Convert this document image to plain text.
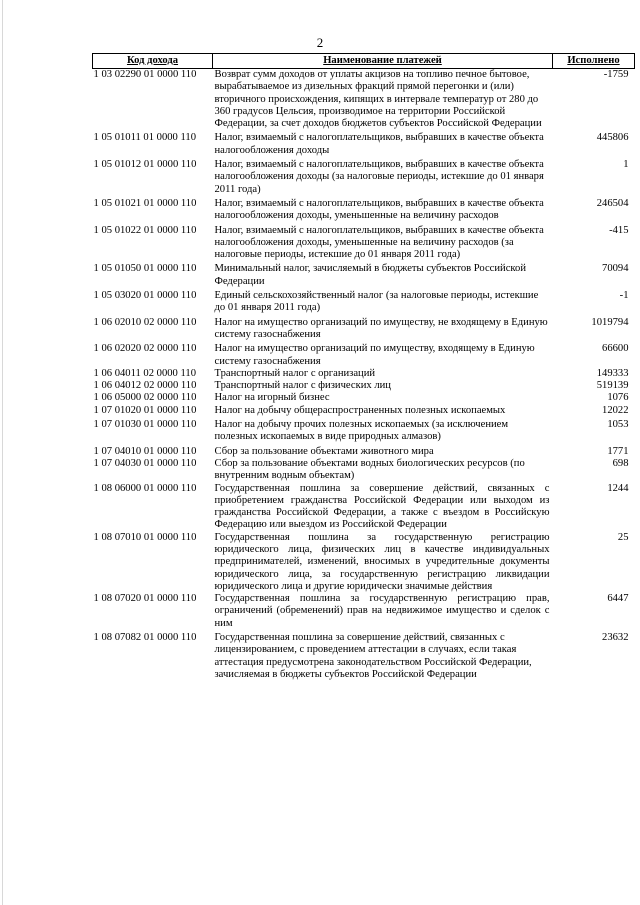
2
Код дохода	Наименование платежей	Исполнено
1 03 02290 01 0000 110	Возврат сумм доходов от уплаты акцизов на топливо печное бытовое, вырабатываемое из дизельных фракций прямой перегонки и (или) вторичного происхождения, кипящих в интервале температур от 280 до 360 градусов Цельсия, производимое на территории Российской Федерации, за счет доходов бюджетов субъектов Российской Федерации	-1759
1 05 01011 01 0000 110	Налог, взимаемый с налогоплательщиков, выбравших в качестве объекта налогообложения доходы	445806
1 05 01012 01 0000 110	Налог, взимаемый с налогоплательщиков, выбравших в качестве объекта налогообложения доходы (за налоговые периоды, истекшие до 01 января 2011 года)	1
1 05 01021 01 0000 110	Налог, взимаемый с налогоплательщиков, выбравших в качестве объекта налогообложения доходы, уменьшенные на величину расходов	246504
1 05 01022 01 0000 110	Налог, взимаемый с налогоплательщиков, выбравших в качестве объекта налогообложения доходы, уменьшенные на величину расходов (за налоговые периоды, истекшие до 01 января 2011 года)	-415
1 05 01050 01 0000 110	Минимальный налог, зачисляемый в бюджеты субъектов Российской Федерации	70094
1 05 03020 01 0000 110	Единый сельскохозяйственный налог (за налоговые периоды, истекшие до 01 января 2011 года)	-1
1 06 02010 02 0000 110	Налог на имущество организаций по имуществу, не входящему в Единую систему газоснабжения	1019794
1 06 02020 02 0000 110	Налог на имущество организаций по имуществу, входящему в Единую систему газоснабжения	66600
1 06 04011 02 0000 110	Транспортный налог с организаций	149333
1 06 04012 02 0000 110	Транспортный налог с физических лиц	519139
1 06 05000 02 0000 110	Налог на игорный бизнес	1076
1 07 01020 01 0000 110	Налог на добычу общераспространенных полезных ископаемых	12022
1 07 01030 01 0000 110	Налог на добычу прочих полезных ископаемых (за исключением полезных ископаемых в виде природных алмазов)	1053
1 07 04010 01 0000 110	Сбор за пользование объектами животного мира	1771
1 07 04030 01 0000 110	Сбор за пользование объектами водных биологических ресурсов (по внутренним водным объектам)	698
1 08 06000 01 0000 110	Государственная пошлина за совершение действий, связанных с приобретением гражданства Российской Федерации или выходом из гражданства Российской Федерации, а также с въездом в Российскую Федерацию или выездом из Российской Федерации	1244
1 08 07010 01 0000 110	Государственная пошлина за государственную регистрацию юридического лица, физических лиц в качестве индивидуальных предпринимателей, изменений, вносимых в учредительные документы юридического лица, за государственную регистрацию ликвидации юридического лица и другие юридически значимые действия	25
1 08 07020 01 0000 110	Государственная пошлина за государственную регистрацию прав, ограничений (обременений) прав на недвижимое имущество и сделок с ним	6447
1 08 07082 01 0000 110	Государственная пошлина за совершение действий, связанных с лицензированием, с проведением аттестации в случаях, если такая аттестация предусмотрена законодательством Российской Федерации, зачисляемая в бюджеты субъектов Российской Федерации	23632
